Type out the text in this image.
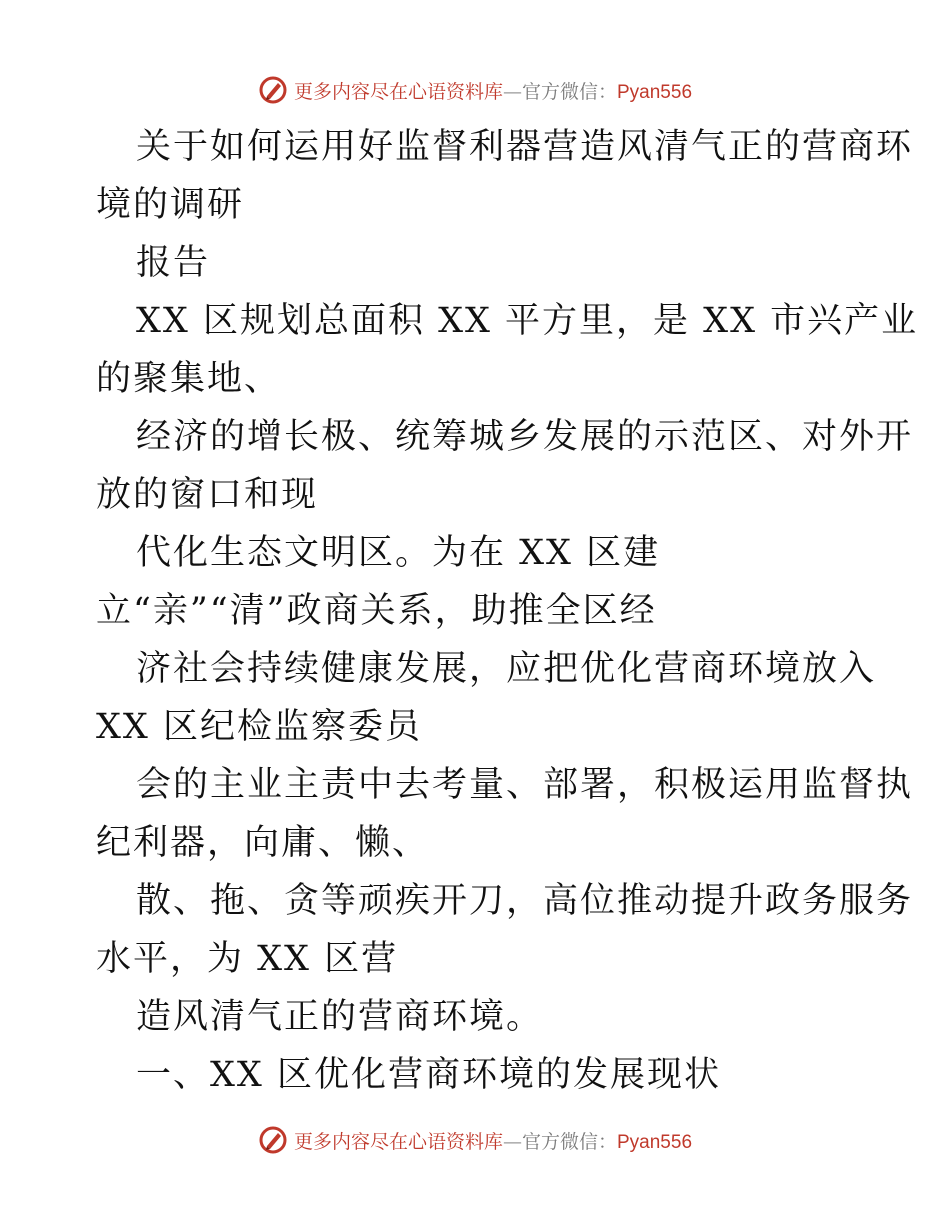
更多内容尽在心语资料库—官方微信：Pyan556
关于如何运用好监督利器营造风清气正的营商环
境的调研
报告
XX 区规划总面积 XX 平方里，是 XX 市兴产业
的聚集地、
经济的增长极、统筹城乡发展的示范区、对外开
放的窗口和现
代化生态文明区。为在 XX 区建
立“亲”“清”政商关系，助推全区经
济社会持续健康发展，应把优化营商环境放入
XX 区纪检监察委员
会的主业主责中去考量、部署，积极运用监督执
纪利器，向庸、懒、
散、拖、贪等顽疾开刀，高位推动提升政务服务
水平，为 XX 区营
造风清气正的营商环境。
一、XX 区优化营商环境的发展现状
更多内容尽在心语资料库—官方微信：Pyan556
